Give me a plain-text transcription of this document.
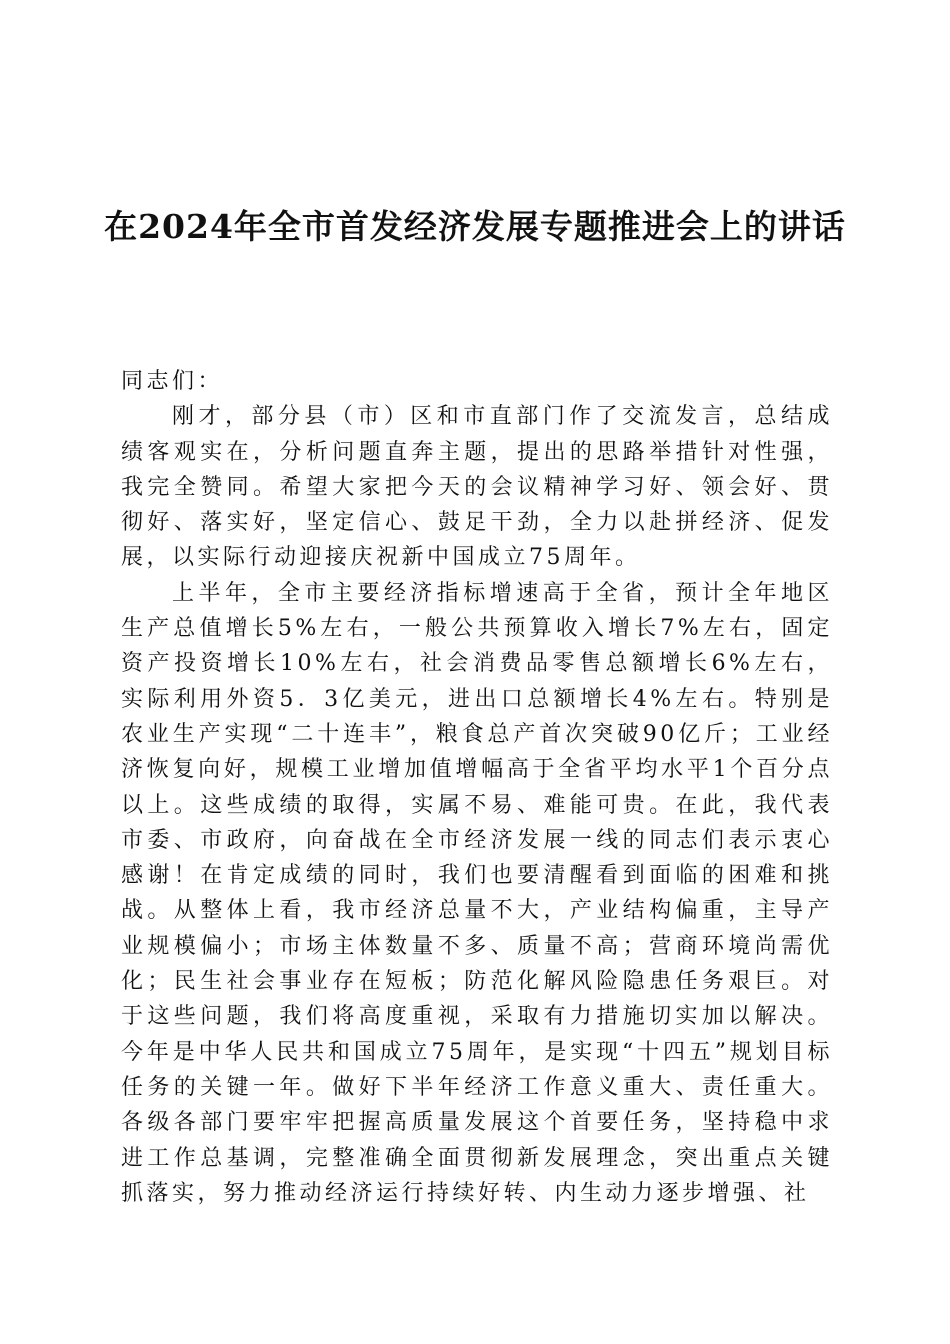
在2024年全市首发经济发展专题推进会上的讲话

同志们：

刚才，部分县（市）区和市直部门作了交流发言，总结成绩客观实在，分析问题直奔主题，提出的思路举措针对性强，我完全赞同。希望大家把今天的会议精神学习好、领会好、贯彻好、落实好，坚定信心、鼓足干劲，全力以赴拼经济、促发展，以实际行动迎接庆祝新中国成立75周年。

上半年，全市主要经济指标增速高于全省，预计全年地区生产总值增长5%左右，一般公共预算收入增长7%左右，固定资产投资增长10%左右，社会消费品零售总额增长6%左右，实际利用外资5．3亿美元，进出口总额增长4%左右。特别是农业生产实现“二十连丰”，粮食总产首次突破90亿斤；工业经济恢复向好，规模工业增加值增幅高于全省平均水平1个百分点以上。这些成绩的取得，实属不易、难能可贵。在此，我代表市委、市政府，向奋战在全市经济发展一线的同志们表示衷心感谢！在肯定成绩的同时，我们也要清醒看到面临的困难和挑战。从整体上看，我市经济总量不大，产业结构偏重，主导产业规模偏小；市场主体数量不多、质量不高；营商环境尚需优化；民生社会事业存在短板；防范化解风险隐患任务艰巨。对于这些问题，我们将高度重视，采取有力措施切实加以解决。今年是中华人民共和国成立75周年，是实现“十四五”规划目标任务的关键一年。做好下半年经济工作意义重大、责任重大。各级各部门要牢牢把握高质量发展这个首要任务，坚持稳中求进工作总基调，完整准确全面贯彻新发展理念，突出重点关键抓落实，努力推动经济运行持续好转、内生动力逐步增强、社
